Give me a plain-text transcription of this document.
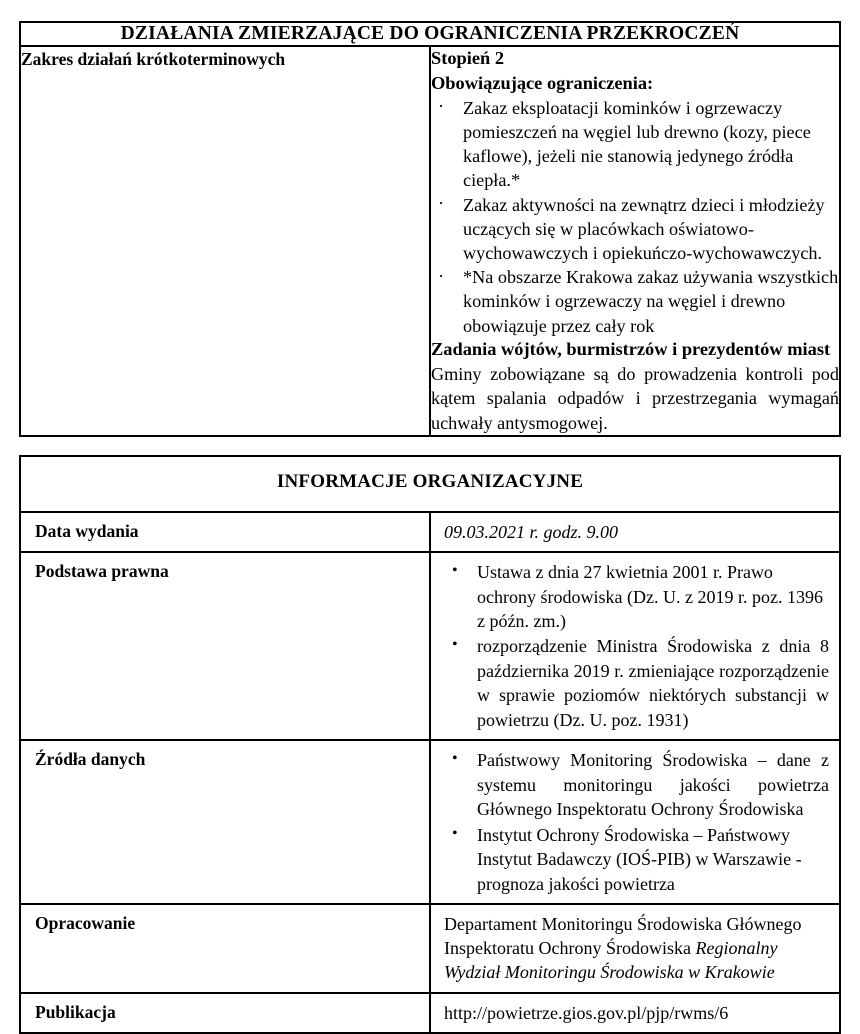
DZIAŁANIA ZMIERZAJĄCE DO OGRANICZENIA PRZEKROCZEŃ
Zakres działań krótkoterminowych	Stopień 2

Obowiązujące ograniczenia:

· Zakaz eksploatacji kominków i ogrzewaczy pomieszczeń na węgiel lub drewno (kozy, piece kaflowe), jeżeli nie stanowią jedynego źródła ciepła.*
· Zakaz aktywności na zewnątrz dzieci i młodzieży uczących się w placówkach oświatowo-wychowawczych i opiekuńczo-wychowawczych.
· *Na obszarze Krakowa zakaz używania wszystkich kominków i ogrzewaczy na węgiel i drewno obowiązuje przez cały rok

Zadania wójtów, burmistrzów i prezydentów miast

Gminy zobowiązane są do prowadzenia kontroli pod kątem spalania odpadów i przestrzegania wymagań uchwały antysmogowej.

INFORMACJE ORGANIZACYJNE	
Data wydania	09.03.2021 r. godz. 9.00

Podstawa prawna	
•Ustawa z dnia 27 kwietnia 2001 r. Prawo ochrony środowiska (Dz. U. z 2019 r. poz. 1396 z późn. zm.)
• rozporządzenie Ministra Środowiska z dnia 8 października 2019 r. zmieniające rozporządzenie w sprawie poziomów niektórych substancji w powietrzu (Dz. U. poz. 1931)

Źródła danych	
•Państwowy Monitoring Środowiska – dane z systemu monitoringu jakości powietrza Głównego Inspektoratu Ochrony Środowiska
• Instytut Ochrony Środowiska – Państwowy Instytut Badawczy (IOŚ-PIB) w Warszawie - prognoza jakości powietrza

Opracowanie	Departament Monitoringu Środowiska Głównego Inspektoratu Ochrony Środowiska Regionalny Wydział Monitoringu Środowiska w Krakowie

Publikacja	http://powietrze.gios.gov.pl/pjp/rwms/6
